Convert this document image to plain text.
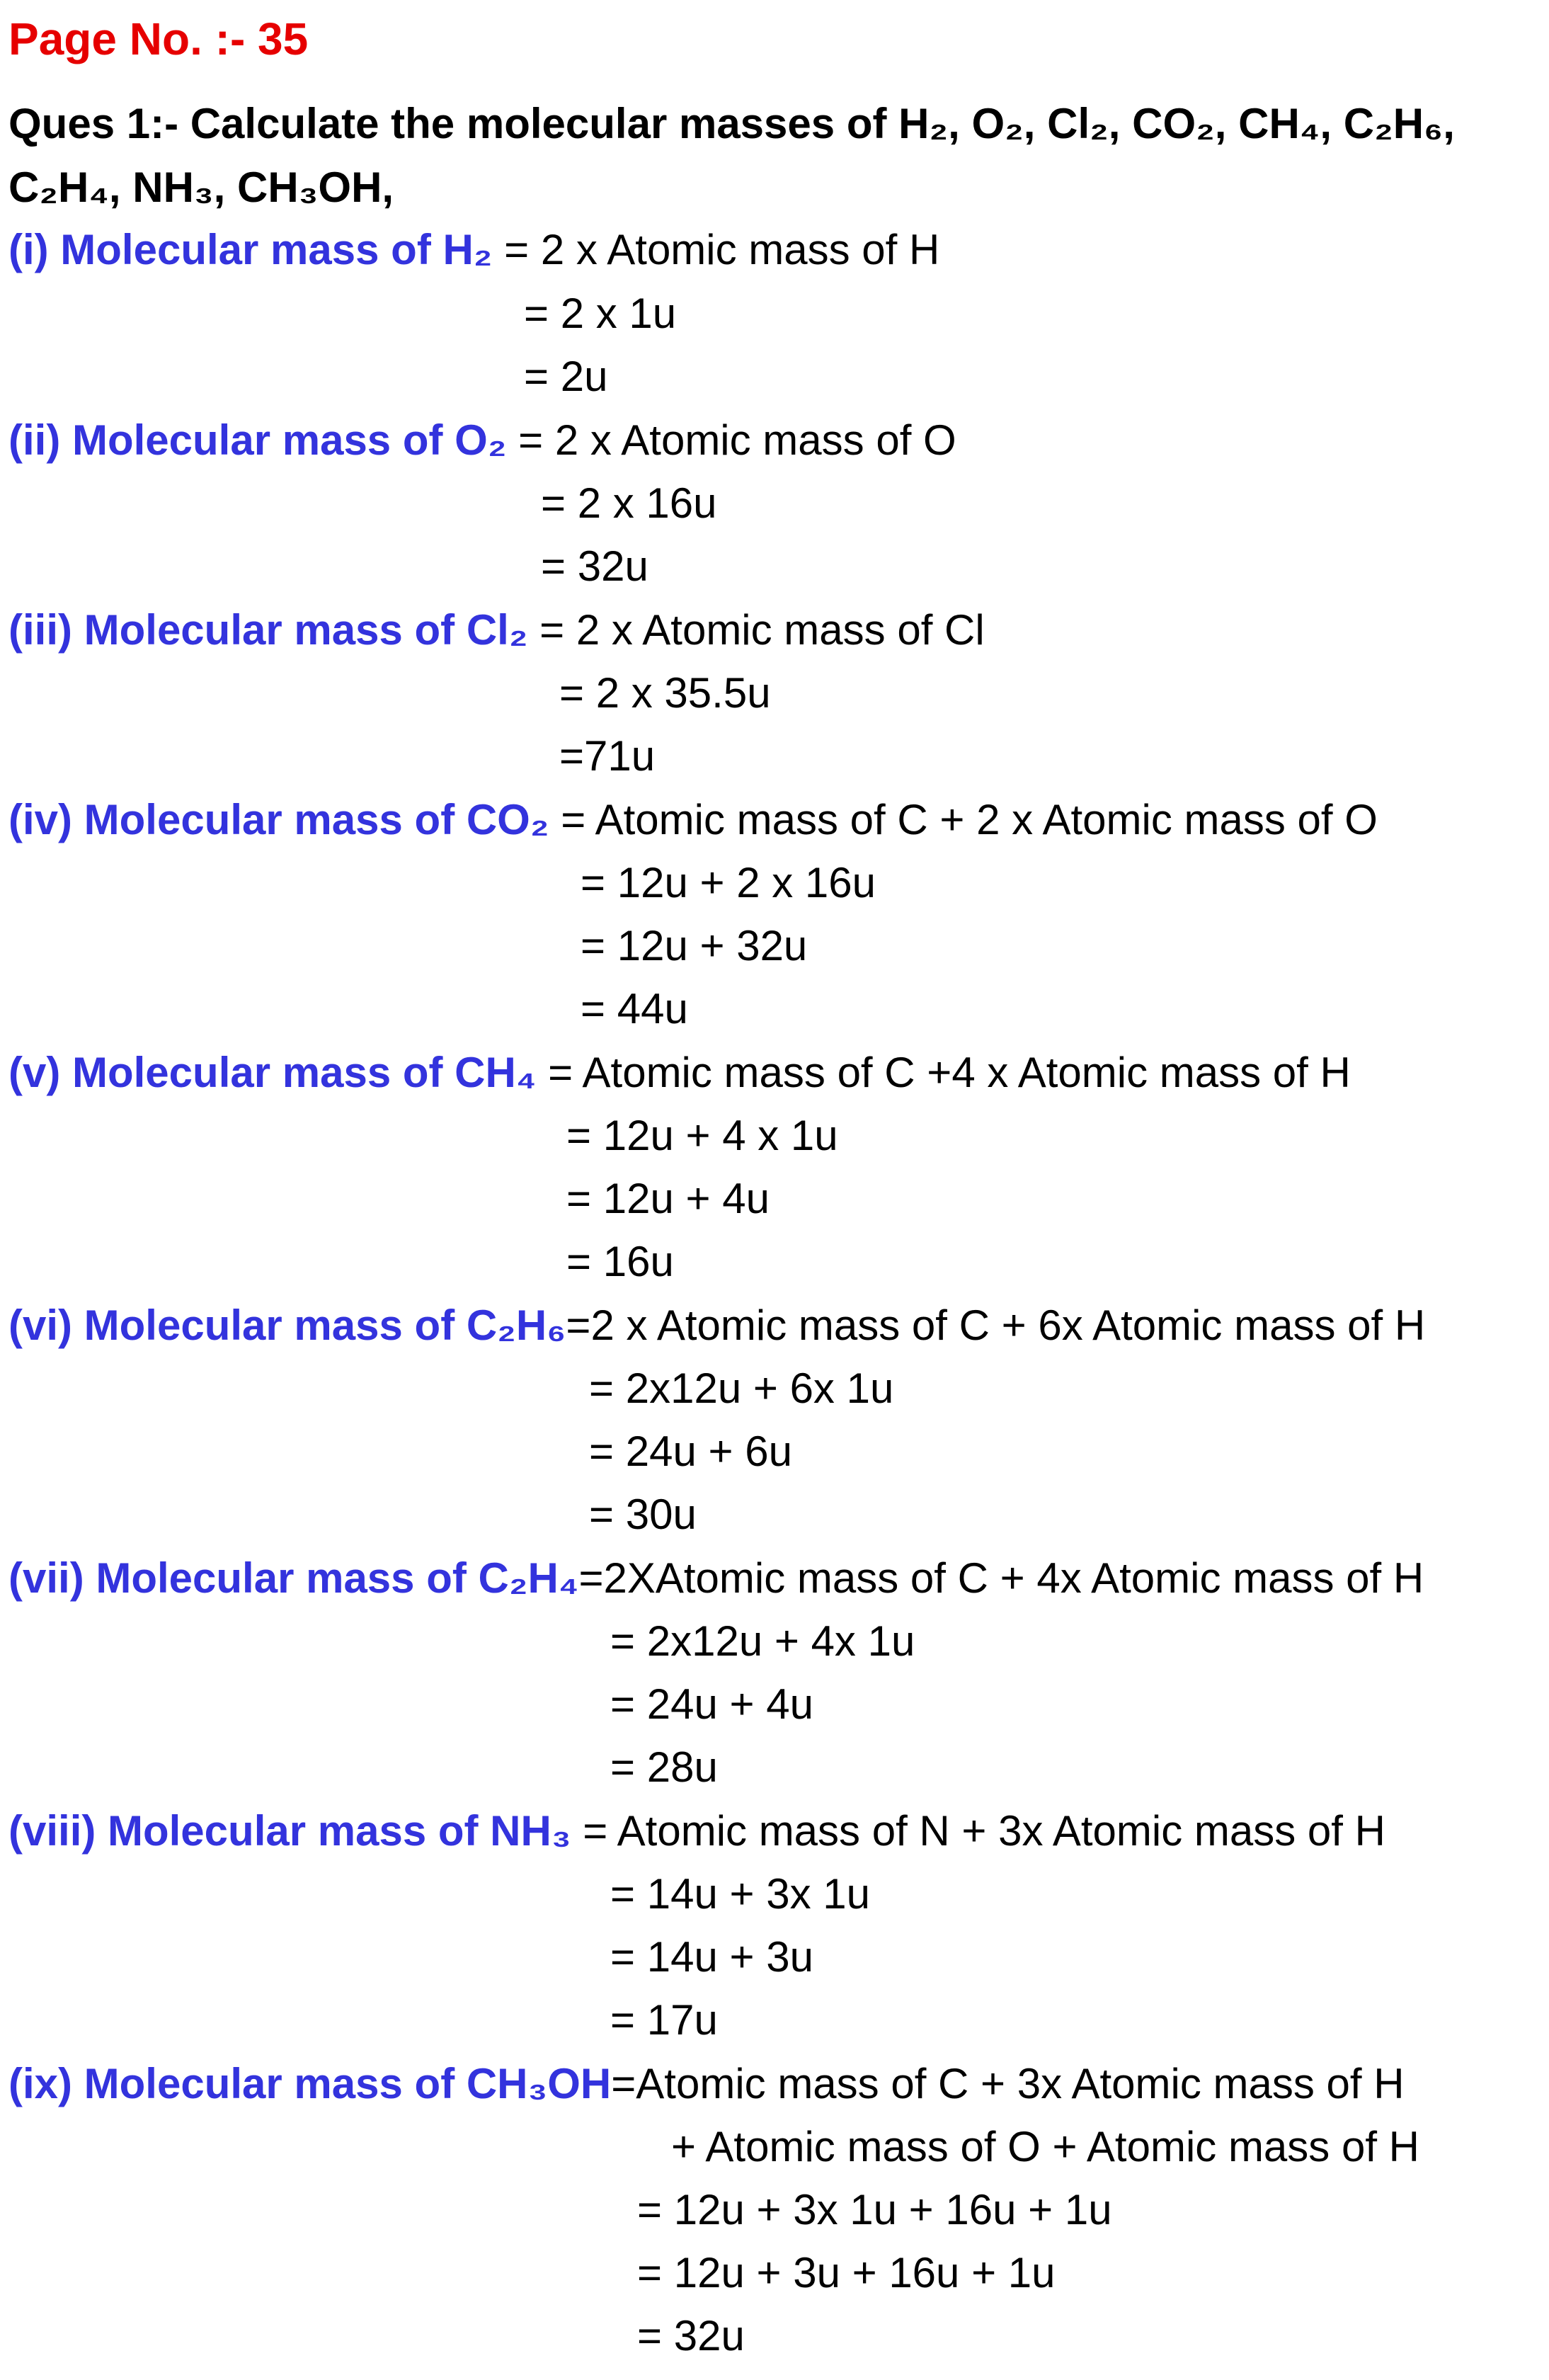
Page No. :- 35
Ques 1:- Calculate the molecular masses of H₂, O₂, Cl₂, CO₂, CH₄, C₂H₆,
C₂H₄, NH₃, CH₃OH,
(i) Molecular mass of H₂ = 2 x Atomic mass of H
= 2 x 1u
= 2u
(ii) Molecular mass of O₂ = 2 x Atomic mass of O
= 2 x 16u
= 32u
(iii) Molecular mass of Cl₂ = 2 x Atomic mass of Cl
= 2 x 35.5u
=71u
(iv) Molecular mass of CO₂ = Atomic mass of C + 2 x Atomic mass of O
= 12u + 2 x 16u
= 12u + 32u
= 44u
(v) Molecular mass of CH₄ = Atomic mass of C +4 x Atomic mass of H
= 12u + 4 x 1u
= 12u + 4u
= 16u
(vi) Molecular mass of C₂H₆=2 x Atomic mass of C + 6x Atomic mass of H
= 2x12u + 6x 1u
= 24u + 6u
= 30u
(vii) Molecular mass of C₂H₄=2XAtomic mass of C + 4x Atomic mass of H
= 2x12u + 4x 1u
= 24u + 4u
= 28u
(viii) Molecular mass of NH₃ = Atomic mass of N + 3x Atomic mass of H
= 14u + 3x 1u
= 14u + 3u
= 17u
(ix) Molecular mass of CH₃OH=Atomic mass of C + 3x Atomic mass of H
+ Atomic mass of O + Atomic mass of H
= 12u + 3x 1u + 16u + 1u
= 12u + 3u + 16u + 1u
= 32u
